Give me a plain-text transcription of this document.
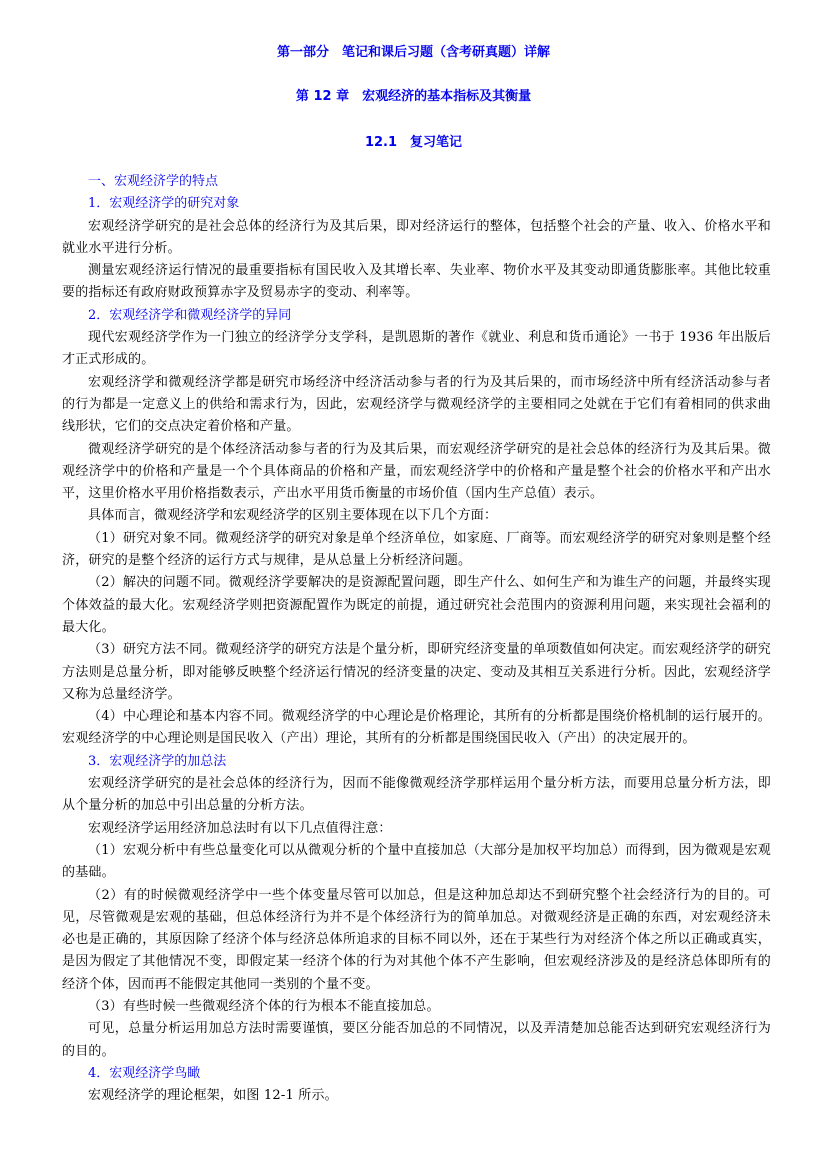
第一部分　笔记和课后习题（含考研真题）详解
第 12 章　宏观经济的基本指标及其衡量
12.1　复习笔记

一、宏观经济学的特点

1．宏观经济学的研究对象

宏观经济学研究的是社会总体的经济行为及其后果，即对经济运行的整体，包括整个社会的产量、收入、价格水平和就业水平进行分析。

测量宏观经济运行情况的最重要指标有国民收入及其增长率、失业率、物价水平及其变动即通货膨胀率。其他比较重要的指标还有政府财政预算赤字及贸易赤字的变动、利率等。

2．宏观经济学和微观经济学的异同

现代宏观经济学作为一门独立的经济学分支学科，是凯恩斯的著作《就业、利息和货币通论》一书于 1936 年出版后才正式形成的。

宏观经济学和微观经济学都是研究市场经济中经济活动参与者的行为及其后果的，而市场经济中所有经济活动参与者的行为都是一定意义上的供给和需求行为，因此，宏观经济学与微观经济学的主要相同之处就在于它们有着相同的供求曲线形状，它们的交点决定着价格和产量。

微观经济学研究的是个体经济活动参与者的行为及其后果，而宏观经济学研究的是社会总体的经济行为及其后果。微观经济学中的价格和产量是一个个具体商品的价格和产量，而宏观经济学中的价格和产量是整个社会的价格水平和产出水平，这里价格水平用价格指数表示，产出水平用货币衡量的市场价值（国内生产总值）表示。

具体而言，微观经济学和宏观经济学的区别主要体现在以下几个方面：

（1）研究对象不同。微观经济学的研究对象是单个经济单位，如家庭、厂商等。而宏观经济学的研究对象则是整个经济，研究的是整个经济的运行方式与规律，是从总量上分析经济问题。

（2）解决的问题不同。微观经济学要解决的是资源配置问题，即生产什么、如何生产和为谁生产的问题，并最终实现个体效益的最大化。宏观经济学则把资源配置作为既定的前提，通过研究社会范围内的资源利用问题，来实现社会福利的最大化。

（3）研究方法不同。微观经济学的研究方法是个量分析，即研究经济变量的单项数值如何决定。而宏观经济学的研究方法则是总量分析，即对能够反映整个经济运行情况的经济变量的决定、变动及其相互关系进行分析。因此，宏观经济学又称为总量经济学。

（4）中心理论和基本内容不同。微观经济学的中心理论是价格理论，其所有的分析都是围绕价格机制的运行展开的。宏观经济学的中心理论则是国民收入（产出）理论，其所有的分析都是围绕国民收入（产出）的决定展开的。

3．宏观经济学的加总法

宏观经济学研究的是社会总体的经济行为，因而不能像微观经济学那样运用个量分析方法，而要用总量分析方法，即从个量分析的加总中引出总量的分析方法。

宏观经济学运用经济加总法时有以下几点值得注意：

（1）宏观分析中有些总量变化可以从微观分析的个量中直接加总（大部分是加权平均加总）而得到，因为微观是宏观的基础。

（2）有的时候微观经济学中一些个体变量尽管可以加总，但是这种加总却达不到研究整个社会经济行为的目的。可见，尽管微观是宏观的基础，但总体经济行为并不是个体经济行为的简单加总。对微观经济是正确的东西，对宏观经济未必也是正确的，其原因除了经济个体与经济总体所追求的目标不同以外，还在于某些行为对经济个体之所以正确或真实，是因为假定了其他情况不变，即假定某一经济个体的行为对其他个体不产生影响，但宏观经济涉及的是经济总体即所有的经济个体，因而再不能假定其他同一类别的个量不变。

（3）有些时候一些微观经济个体的行为根本不能直接加总。

可见，总量分析运用加总方法时需要谨慎，要区分能否加总的不同情况，以及弄清楚加总能否达到研究宏观经济行为的目的。

4．宏观经济学鸟瞰

宏观经济学的理论框架，如图 12-1 所示。
